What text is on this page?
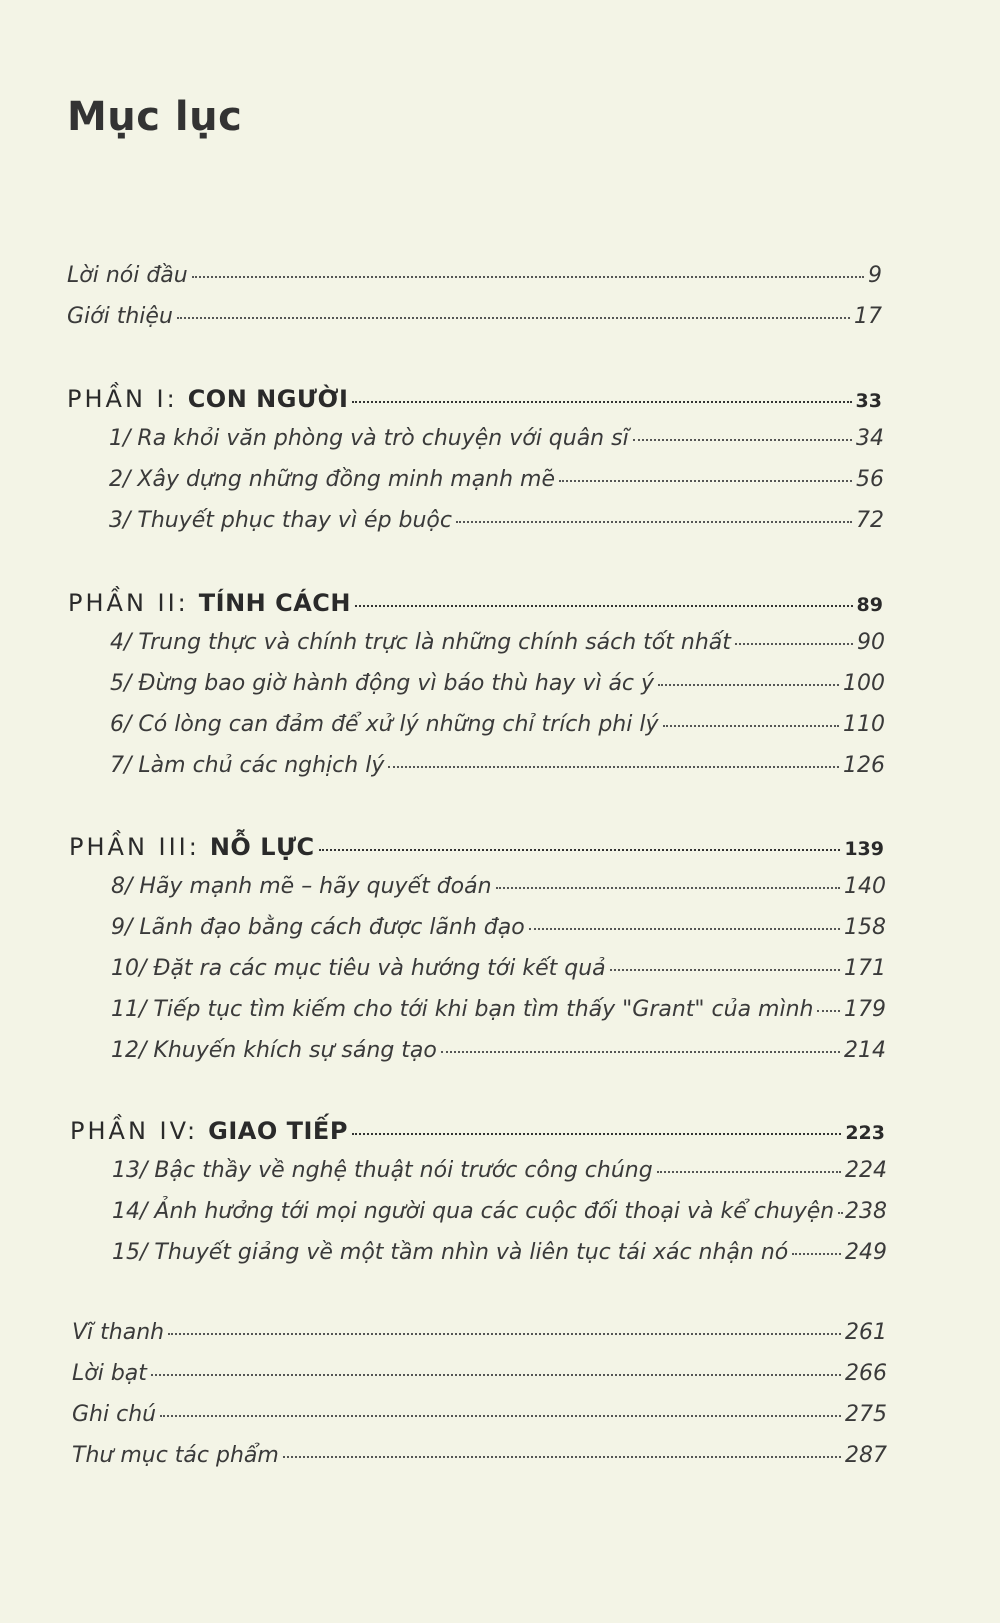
Mục lục
Lời nói đầu	9
Giới thiệu	17
PHẦN I: CON NGƯỜI	33
1/ Ra khỏi văn phòng và trò chuyện với quân sĩ	34
2/ Xây dựng những đồng minh mạnh mẽ	56
3/ Thuyết phục thay vì ép buộc	72
PHẦN II: TÍNH CÁCH	89
4/ Trung thực và chính trực là những chính sách tốt nhất	90
5/ Đừng bao giờ hành động vì báo thù hay vì ác ý	100
6/ Có lòng can đảm để xử lý những chỉ trích phi lý	110
7/ Làm chủ các nghịch lý	126
PHẦN III: NỖ LỰC	139
8/ Hãy mạnh mẽ – hãy quyết đoán	140
9/ Lãnh đạo bằng cách được lãnh đạo	158
10/ Đặt ra các mục tiêu và hướng tới kết quả	171
11/ Tiếp tục tìm kiếm cho tới khi bạn tìm thấy "Grant" của mình 179
12/ Khuyến khích sự sáng tạo	214
PHẦN IV: GIAO TIẾP	223
13/ Bậc thầy về nghệ thuật nói trước công chúng	224
14/ Ảnh hưởng tới mọi người qua các cuộc đối thoại và kể chuyện 238
15/ Thuyết giảng về một tầm nhìn và liên tục tái xác nhận nó	249
Vĩ thanh	261
Lời bạt	266
Ghi chú	275
Thư mục tác phẩm	287
